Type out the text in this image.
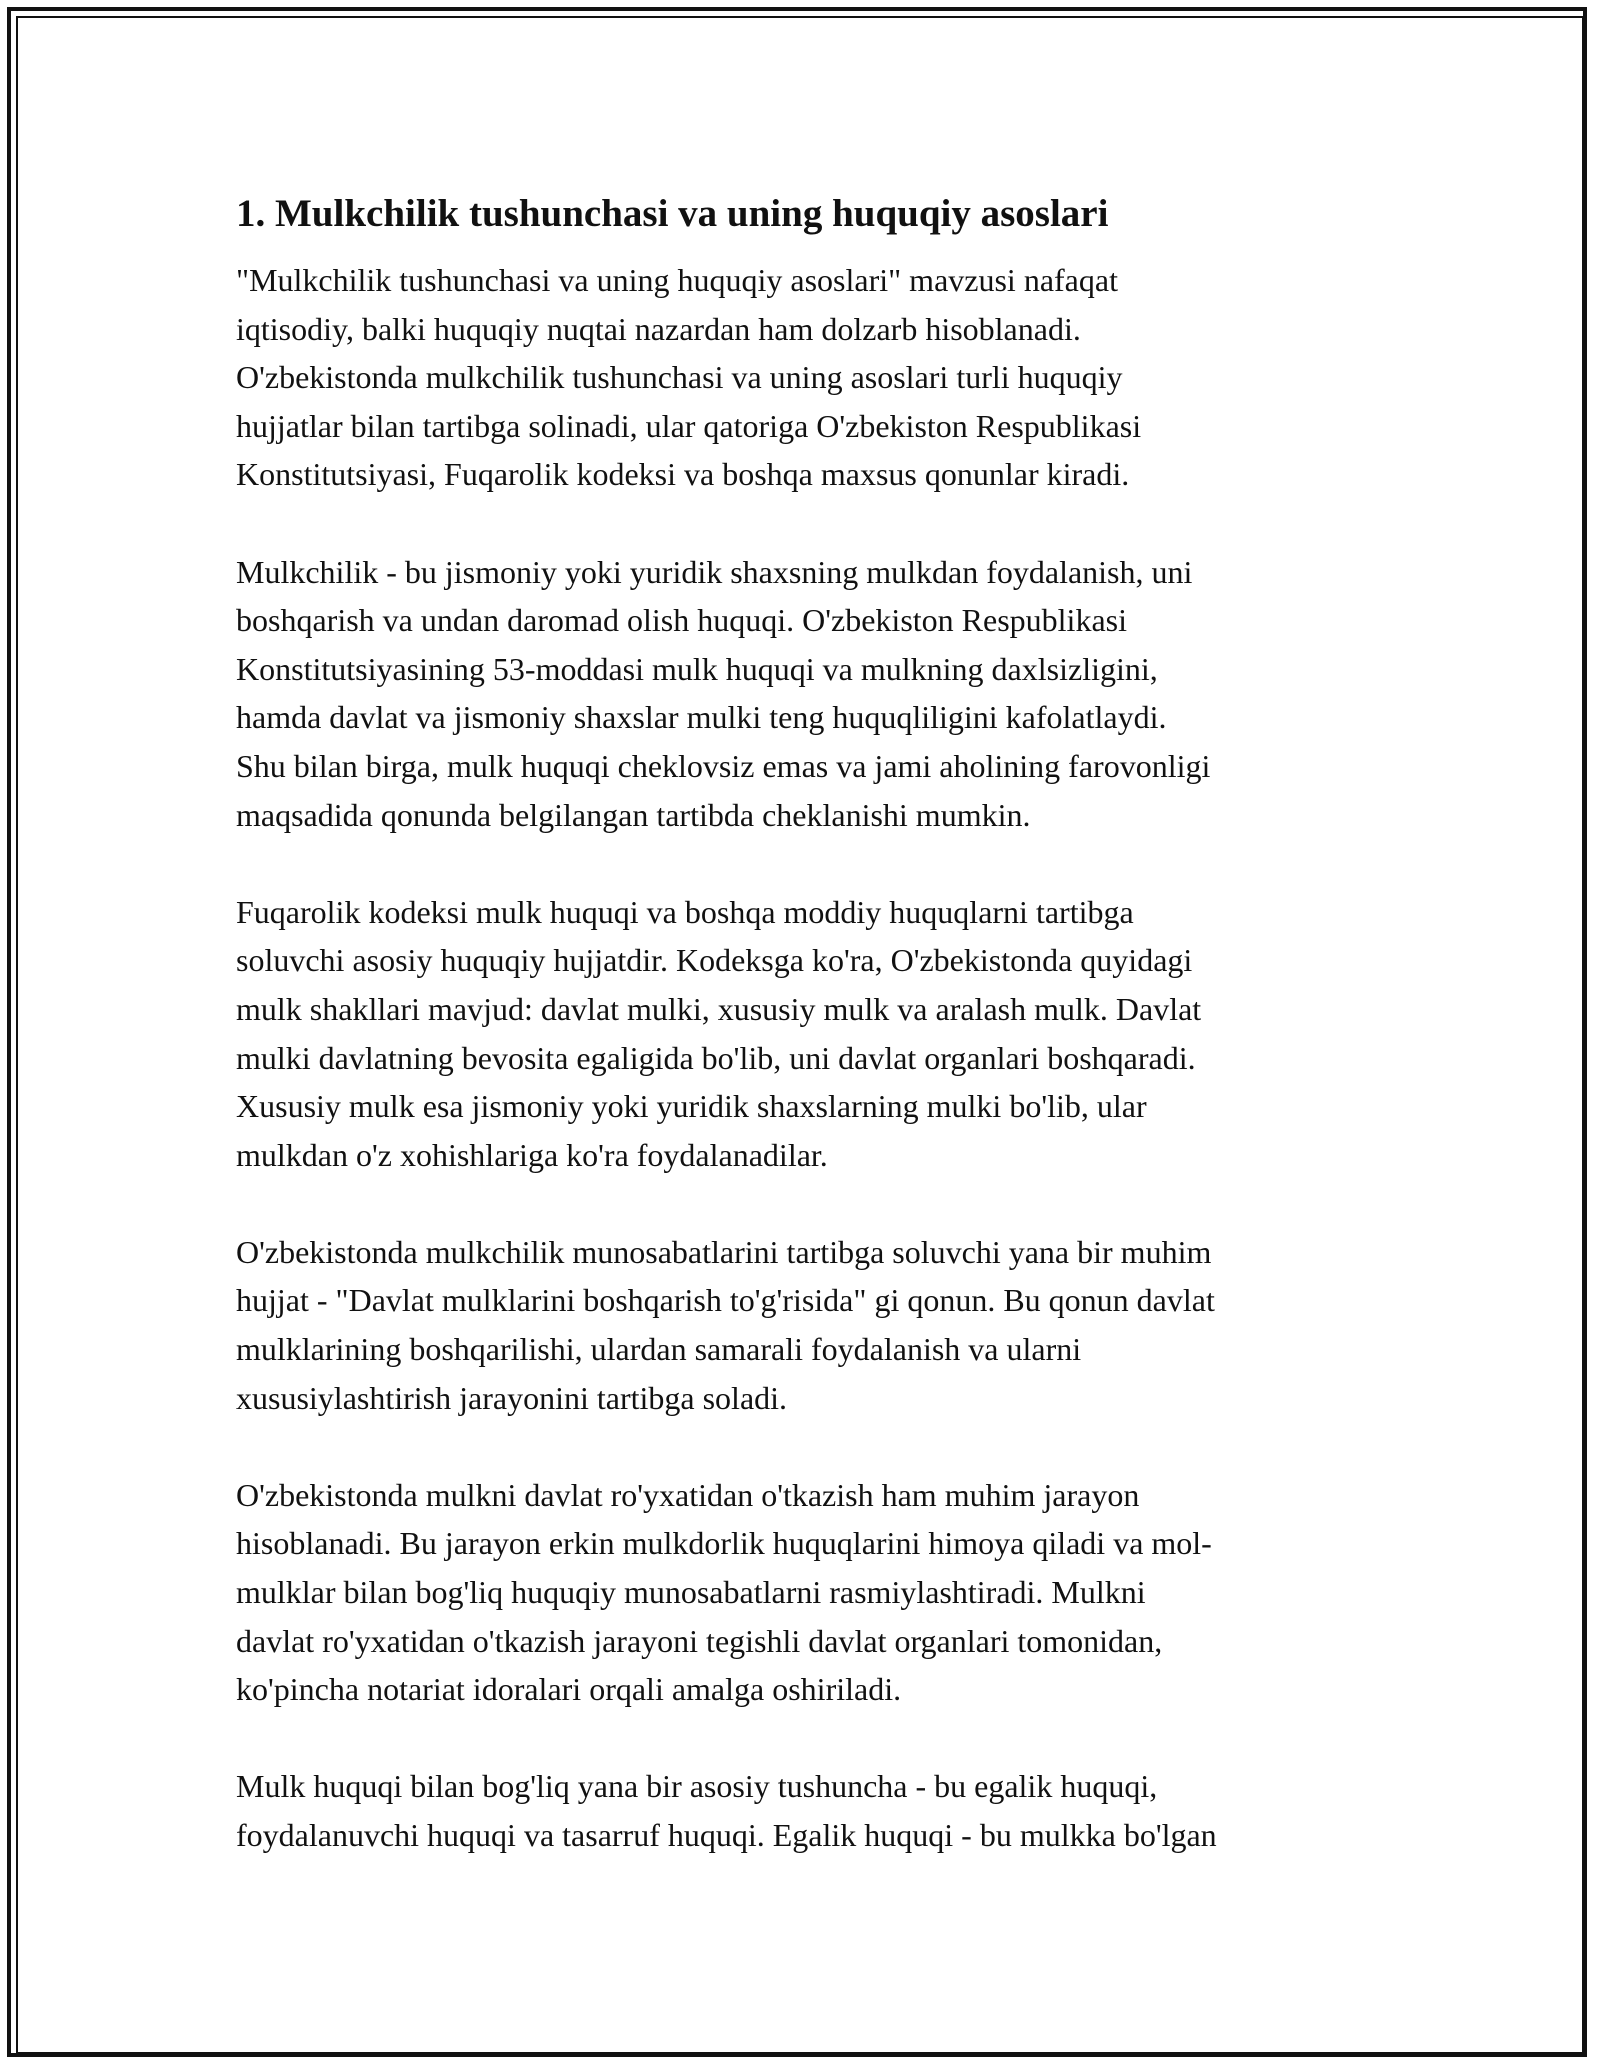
1. Mulkchilik tushunchasi va uning huquqiy asoslari

"Mulkchilik tushunchasi va uning huquqiy asoslari" mavzusi nafaqat
iqtisodiy, balki huquqiy nuqtai nazardan ham dolzarb hisoblanadi.
O'zbekistonda mulkchilik tushunchasi va uning asoslari turli huquqiy
hujjatlar bilan tartibga solinadi, ular qatoriga O'zbekiston Respublikasi
Konstitutsiyasi, Fuqarolik kodeksi va boshqa maxsus qonunlar kiradi.

Mulkchilik - bu jismoniy yoki yuridik shaxsning mulkdan foydalanish, uni
boshqarish va undan daromad olish huquqi. O'zbekiston Respublikasi
Konstitutsiyasining 53-moddasi mulk huquqi va mulkning daxlsizligini,
hamda davlat va jismoniy shaxslar mulki teng huquqliligini kafolatlaydi.
Shu bilan birga, mulk huquqi cheklovsiz emas va jami aholining farovonligi
maqsadida qonunda belgilangan tartibda cheklanishi mumkin.

Fuqarolik kodeksi mulk huquqi va boshqa moddiy huquqlarni tartibga
soluvchi asosiy huquqiy hujjatdir. Kodeksga ko'ra, O'zbekistonda quyidagi
mulk shakllari mavjud: davlat mulki, xususiy mulk va aralash mulk. Davlat
mulki davlatning bevosita egaligida bo'lib, uni davlat organlari boshqaradi.
Xususiy mulk esa jismoniy yoki yuridik shaxslarning mulki bo'lib, ular
mulkdan o'z xohishlariga ko'ra foydalanadilar.

O'zbekistonda mulkchilik munosabatlarini tartibga soluvchi yana bir muhim
hujjat - "Davlat mulklarini boshqarish to'g'risida" gi qonun. Bu qonun davlat
mulklarining boshqarilishi, ulardan samarali foydalanish va ularni
xususiylashtirish jarayonini tartibga soladi.

O'zbekistonda mulkni davlat ro'yxatidan o'tkazish ham muhim jarayon
hisoblanadi. Bu jarayon erkin mulkdorlik huquqlarini himoya qiladi va mol-
mulklar bilan bog'liq huquqiy munosabatlarni rasmiylashtiradi. Mulkni
davlat ro'yxatidan o'tkazish jarayoni tegishli davlat organlari tomonidan,
ko'pincha notariat idoralari orqali amalga oshiriladi.

Mulk huquqi bilan bog'liq yana bir asosiy tushuncha - bu egalik huquqi,
foydalanuvchi huquqi va tasarruf huquqi. Egalik huquqi - bu mulkka bo'lgan
